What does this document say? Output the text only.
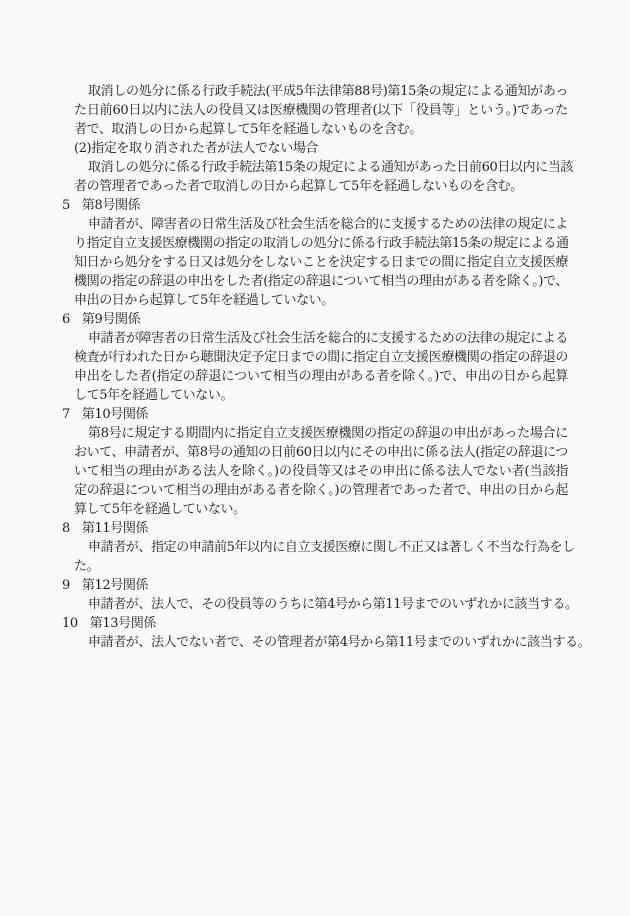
取消しの処分に係る行政手続法(平成5年法律第88号)第15条の規定による通知があっ
た日前60日以内に法人の役員又は医療機関の管理者(以下「役員等」という。)であった
者で、取消しの日から起算して5年を経過しないものを含む。
(2)指定を取り消された者が法人でない場合
取消しの処分に係る行政手続法第15条の規定による通知があった日前60日以内に当該
者の管理者であった者で取消しの日から起算して5年を経過しないものを含む。
5 第8号関係
申請者が、障害者の日常生活及び社会生活を総合的に支援するための法律の規定によ
り指定自立支援医療機関の指定の取消しの処分に係る行政手続法第15条の規定による通
知日から処分をする日又は処分をしないことを決定する日までの間に指定自立支援医療
機関の指定の辞退の申出をした者(指定の辞退について相当の理由がある者を除く。)で、
申出の日から起算して5年を経過していない。
6 第9号関係
申請者が障害者の日常生活及び社会生活を総合的に支援するための法律の規定による
検査が行われた日から聴聞決定予定日までの間に指定自立支援医療機関の指定の辞退の
申出をした者(指定の辞退について相当の理由がある者を除く。)で、申出の日から起算
して5年を経過していない。
7 第10号関係
第8号に規定する期間内に指定自立支援医療機関の指定の辞退の申出があった場合に
おいて、申請者が、第8号の通知の日前60日以内にその申出に係る法人(指定の辞退につ
いて相当の理由がある法人を除く。)の役員等又はその申出に係る法人でない者(当該指
定の辞退について相当の理由がある者を除く。)の管理者であった者で、申出の日から起
算して5年を経過していない。
8 第11号関係
申請者が、指定の申請前5年以内に自立支援医療に関し不正又は著しく不当な行為をし
た。
9 第12号関係
申請者が、法人で、その役員等のうちに第4号から第11号までのいずれかに該当する。
10 第13号関係
申請者が、法人でない者で、その管理者が第4号から第11号までのいずれかに該当する。
